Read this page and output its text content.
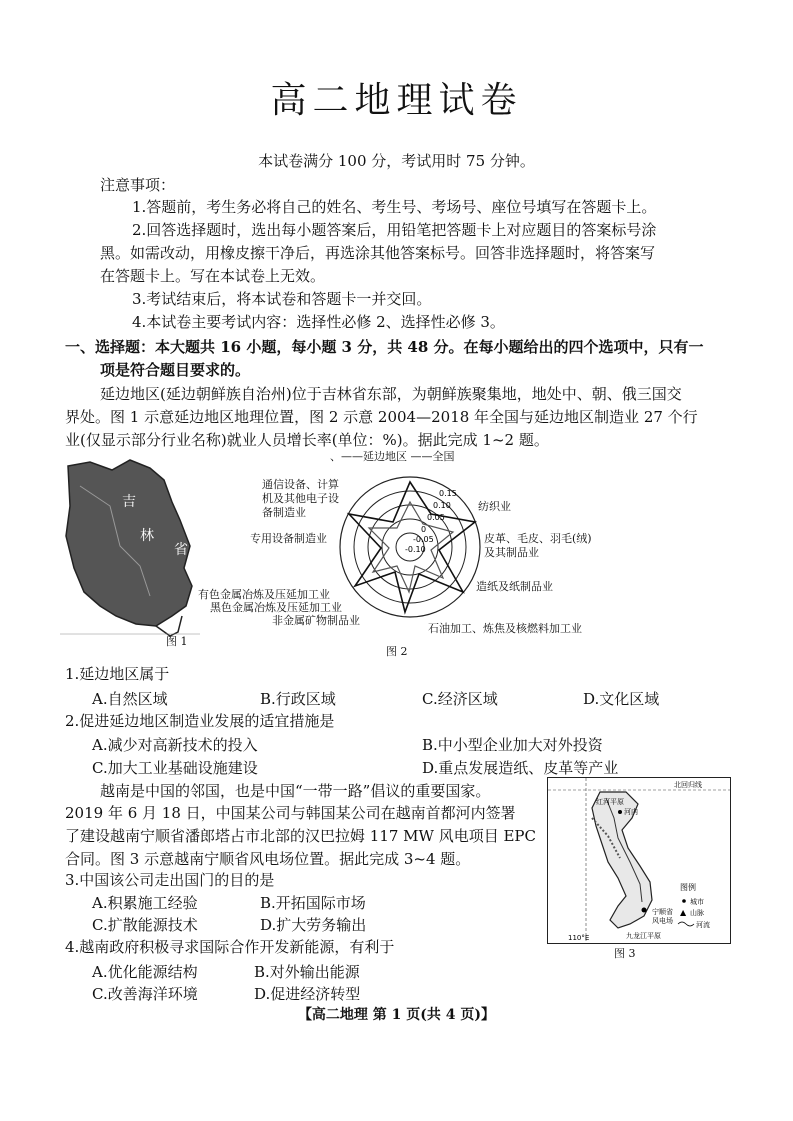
高二地理试卷
本试卷满分 100 分，考试用时 75 分钟。
注意事项：
1.答题前，考生务必将自己的姓名、考生号、考场号、座位号填写在答题卡上。
2.回答选择题时，选出每小题答案后，用铅笔把答题卡上对应题目的答案标号涂
黑。如需改动，用橡皮擦干净后，再选涂其他答案标号。回答非选择题时，将答案写
在答题卡上。写在本试卷上无效。
3.考试结束后，将本试卷和答题卡一并交回。
4.本试卷主要考试内容：选择性必修 2、选择性必修 3。
一、选择题：本大题共 16 小题，每小题 3 分，共 48 分。在每小题给出的四个选项中，只有一
项是符合题目要求的。
延边地区(延边朝鲜族自治州)位于吉林省东部，为朝鲜族聚集地，地处中、朝、俄三国交
界处。图 1 示意延边地区地理位置，图 2 示意 2004—2018 年全国与延边地区制造业 27 个行
业(仅显示部分行业名称)就业人员增长率(单位：%)。据此完成 1~2 题。
吉
林
省
图 1
、——延边地区 ——全国
0.15
0.10
0.05
0
-0.05
-0.10
通信设备、计算
机及其他电子设
备制造业	纺织业
专用设备制造业	皮革、毛皮、羽毛(绒)
及其制品业
造纸及纸制品业
有色金属冶炼及压延加工业
黑色金属冶炼及压延加工业
非金属矿物制品业
石油加工、炼焦及核燃料加工业
图 2
1.延边地区属于
A.自然区域	B.行政区域	C.经济区域	D.文化区域
2.促进延边地区制造业发展的适宜措施是
A.减少对高新技术的投入	B.中小型企业加大对外投资
C.加大工业基础设施建设	D.重点发展造纸、皮革等产业
越南是中国的邻国，也是中国“一带一路”倡议的重要国家。
2019 年 6 月 18 日，中国某公司与韩国某公司在越南首都河内签署
了建设越南宁顺省潘郎塔占市北部的汉巴拉姆 117 MW 风电项目 EPC
合同。图 3 示意越南宁顺省风电场位置。据此完成 3~4 题。
北回归线
红河平原
河内
宁顺省
风电场
九龙江平原
110°E
图例
城市
▲ 山脉
河流
图 3
3.中国该公司走出国门的目的是
A.积累施工经验	B.开拓国际市场
C.扩散能源技术	D.扩大劳务输出
4.越南政府积极寻求国际合作开发新能源，有利于
A.优化能源结构	B.对外输出能源
C.改善海洋环境	D.促进经济转型
【高二地理 第 1 页(共 4 页)】
